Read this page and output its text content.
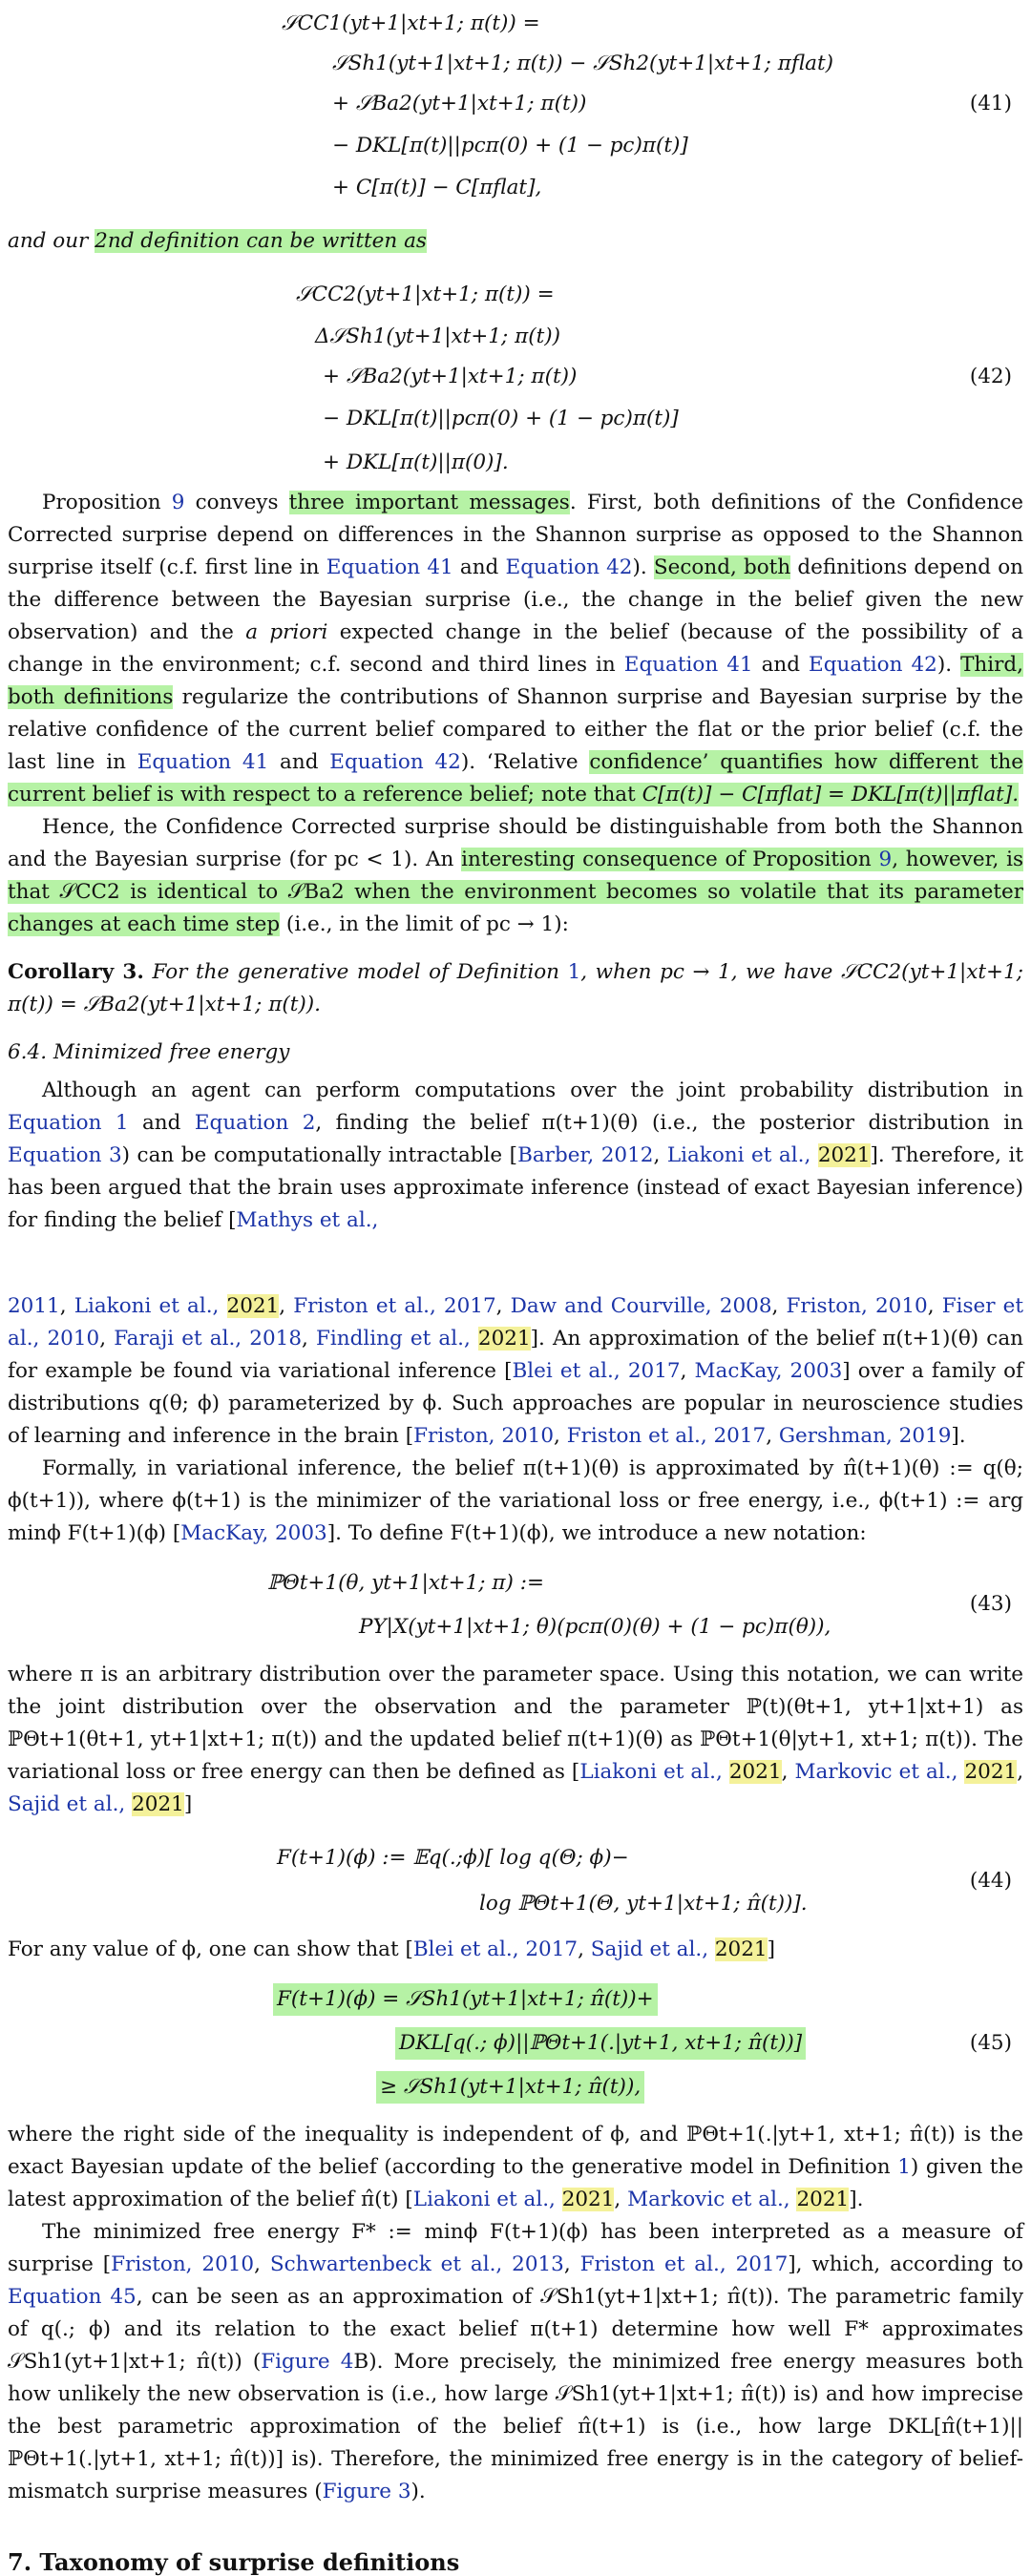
𝒮CC1(yt+1|xt+1; π(t)) =
𝒮Sh1(yt+1|xt+1; π(t)) − 𝒮Sh2(yt+1|xt+1; πflat)
+ 𝒮Ba2(yt+1|xt+1; π(t))
− DKL[π(t)||pcπ(0) + (1 − pc)π(t)]
+ C[π(t)] − C[πflat],
(41)

and our 2nd definition can be written as

𝒮CC2(yt+1|xt+1; π(t)) =
Δ𝒮Sh1(yt+1|xt+1; π(t))
+ 𝒮Ba2(yt+1|xt+1; π(t))
− DKL[π(t)||pcπ(0) + (1 − pc)π(t)]
+ DKL[π(t)||π(0)].
(42)

Proposition 9 conveys three important messages. First, both definitions of the Confidence Corrected surprise depend on differences in the Shannon surprise as opposed to the Shannon surprise itself (c.f. first line in Equation 41 and Equation 42). Second, both definitions depend on the difference between the Bayesian surprise (i.e., the change in the belief given the new observation) and the a priori expected change in the belief (because of the possibility of a change in the environment; c.f. second and third lines in Equation 41 and Equation 42). Third, both definitions regularize the contributions of Shannon surprise and Bayesian surprise by the relative confidence of the current belief compared to either the flat or the prior belief (c.f. the last line in Equation 41 and Equation 42). ‘Relative confidence’ quantifies how different the current belief is with respect to a reference belief; note that C[π(t)] − C[πflat] = DKL[π(t)||πflat].

Hence, the Confidence Corrected surprise should be distinguishable from both the Shannon and the Bayesian surprise (for pc < 1). An interesting consequence of Proposition 9, however, is that 𝒮CC2 is identical to 𝒮Ba2 when the environment becomes so volatile that its parameter changes at each time step (i.e., in the limit of pc → 1):

Corollary 3. For the generative model of Definition 1, when pc → 1, we have 𝒮CC2(yt+1|xt+1; π(t)) = 𝒮Ba2(yt+1|xt+1; π(t)).

6.4. Minimized free energy

Although an agent can perform computations over the joint probability distribution in Equation 1 and Equation 2, finding the belief π(t+1)(θ) (i.e., the posterior distribution in Equation 3) can be computationally intractable [Barber, 2012, Liakoni et al., 2021]. Therefore, it has been argued that the brain uses approximate inference (instead of exact Bayesian inference) for finding the belief [Mathys et al.,

2011, Liakoni et al., 2021, Friston et al., 2017, Daw and Courville, 2008, Friston, 2010, Fiser et al., 2010, Faraji et al., 2018, Findling et al., 2021]. An approximation of the belief π(t+1)(θ) can for example be found via variational inference [Blei et al., 2017, MacKay, 2003] over a family of distributions q(θ; ϕ) parameterized by ϕ. Such approaches are popular in neuroscience studies of learning and inference in the brain [Friston, 2010, Friston et al., 2017, Gershman, 2019].

Formally, in variational inference, the belief π(t+1)(θ) is approximated by π̂(t+1)(θ) := q(θ; ϕ(t+1)), where ϕ(t+1) is the minimizer of the variational loss or free energy, i.e., ϕ(t+1) := arg minϕ F(t+1)(ϕ) [MacKay, 2003]. To define F(t+1)(ϕ), we introduce a new notation:

ℙΘt+1(θ, yt+1|xt+1; π) :=
PY|X(yt+1|xt+1; θ)(pcπ(0)(θ) + (1 − pc)π(θ)),
(43)

where π is an arbitrary distribution over the parameter space. Using this notation, we can write the joint distribution over the observation and the parameter ℙ(t)(θt+1, yt+1|xt+1) as ℙΘt+1(θt+1, yt+1|xt+1; π(t)) and the updated belief π(t+1)(θ) as ℙΘt+1(θ|yt+1, xt+1; π(t)). The variational loss or free energy can then be defined as [Liakoni et al., 2021, Markovic et al., 2021, Sajid et al., 2021]

F(t+1)(ϕ) := 𝔼q(.;ϕ)[ log q(Θ; ϕ)−
log ℙΘt+1(Θ, yt+1|xt+1; π̂(t))].
(44)

For any value of ϕ, one can show that [Blei et al., 2017, Sajid et al., 2021]

F(t+1)(ϕ) = 𝒮Sh1(yt+1|xt+1; π̂(t))+
DKL[q(.; ϕ)||ℙΘt+1(.|yt+1, xt+1; π̂(t))]
≥ 𝒮Sh1(yt+1|xt+1; π̂(t)),
(45)

where the right side of the inequality is independent of ϕ, and ℙΘt+1(.|yt+1, xt+1; π̂(t)) is the exact Bayesian update of the belief (according to the generative model in Definition 1) given the latest approximation of the belief π̂(t) [Liakoni et al., 2021, Markovic et al., 2021].

The minimized free energy F* := minϕ F(t+1)(ϕ) has been interpreted as a measure of surprise [Friston, 2010, Schwartenbeck et al., 2013, Friston et al., 2017], which, according to Equation 45, can be seen as an approximation of 𝒮Sh1(yt+1|xt+1; π̂(t)). The parametric family of q(.; ϕ) and its relation to the exact belief π(t+1) determine how well F* approximates 𝒮Sh1(yt+1|xt+1; π̂(t)) (Figure 4B). More precisely, the minimized free energy measures both how unlikely the new observation is (i.e., how large 𝒮Sh1(yt+1|xt+1; π̂(t)) is) and how imprecise the best parametric approximation of the belief π̂(t+1) is (i.e., how large DKL[π̂(t+1)||ℙΘt+1(.|yt+1, xt+1; π̂(t))] is). Therefore, the minimized free energy is in the category of belief-mismatch surprise measures (Figure 3).

7. Taxonomy of surprise definitions
